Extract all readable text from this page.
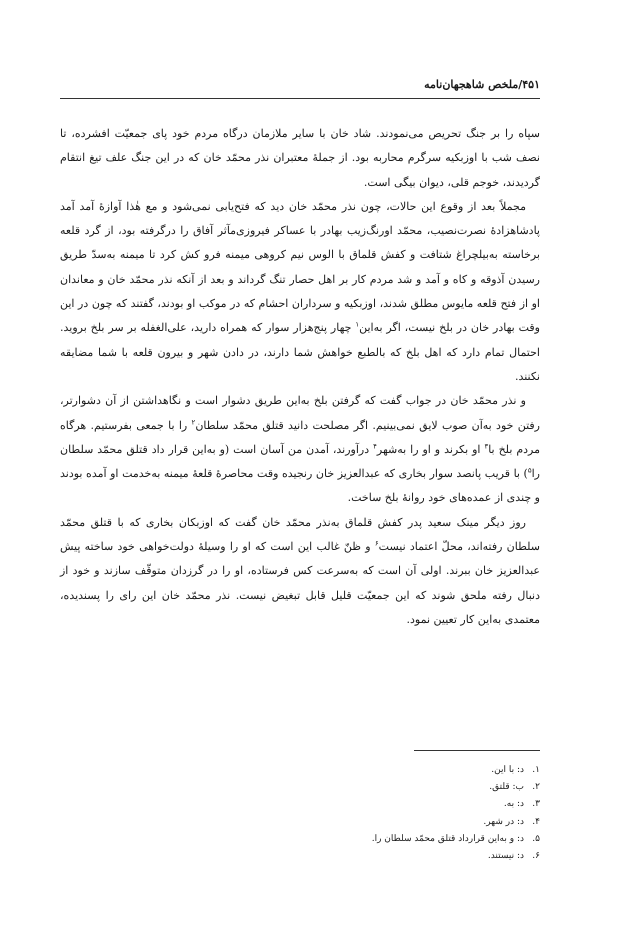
۴۵۱/ملخص شاهجهان‌نامه

سپاه را بر جنگ تحریص می‌نمودند. شاد خان با سایر ملازمان درگاه مردم خود پای جمعیّت افشرده، تا نصف شب با اوزبکیه سرگرم محاربه بود. از جملهٔ معتبران نذر محمّد خان که در این جنگ علف تیغ انتقام گردیدند، خوجم قلی، دیوان بیگی است.

مجملاً بعد از وقوع این حالات، چون نذر محمّد خان دید که فتح‌یابی نمی‌شود و مع هٰذا آوازهٔ آمد آمد پادشاهزادهٔ نصرت‌نصیب، محمّد اورنگ‌زیب بهادر با عساکر فیروزی‌مآثر آفاق را درگرفته بود، از گرد قلعه برخاسته به‌بیلچراغ شتافت و کفش قلماق با الوس نیم کروهی میمنه فرو کش کرد تا میمنه به‌سدّ طریق رسیدن آذوقه و کاه و آمد و شد مردم کار بر اهل حصار تنگ گرداند و بعد از آنکه نذر محمّد خان و معاندان او از فتح قلعه مایوس مطلق شدند، اوزبکیه و سرداران احشام که در موکب او بودند، گفتند که چون در این وقت بهادر خان در بلخ نیست، اگر به‌این$^۱$ چهار پنج‌هزار سوار که همراه دارید، علی‌الغفله بر سر بلخ بروید. احتمال تمام دارد که اهل بلخ که بالطبع خواهش شما دارند، در دادن شهر و بیرون قلعه با شما مضایقه نکنند.

و نذر محمّد خان در جواب گفت که گرفتن بلخ به‌این طریق دشوار است و نگاهداشتن از آن دشوارتر، رفتن خود به‌آن صوب لایق نمی‌بینیم. اگر مصلحت دانید قتلق محمّد سلطان$^۲$ را با جمعی بفرستیم. هرگاه مردم بلخ با$^۳$ او بکرند و او را به‌شهر$^۴$ درآورند، آمدن من آسان است (و به‌این قرار داد قتلق محمّد سلطان را$^۵$) با قریب پانصد سوار بخاری که عبدالعزیز خان رنجیده وقت محاصرهٔ قلعهٔ میمنه به‌خدمت او آمده بودند و چندی از عمده‌های خود روانهٔ بلخ ساخت.

روز دیگر مینک سعید پدر کفش قلماق به‌نذر محمّد خان گفت که اوزبکان بخاری که با قتلق محمّد سلطان رفته‌اند، محلّ اعتماد نیست$^۶$ و ظنّ غالب این است که او را وسیلهٔ دولت‌خواهی خود ساخته پیش عبدالعزیز خان ببرند. اولی آن است که به‌سرعت کس فرستاده، او را در گرزدان متوقّف سازند و خود از دنبال رفته ملحق شوند که این جمعیّت قلیل قابل تبغیض نیست. نذر محمّد خان این رای را پسندیده، معتمدی به‌این کار تعیین نمود.

۱.د: با این.
۲.ب: قلتق.
۳.د: به.
۴.د: در شهر.
۵.د: و به‌این قرارداد قتلق محمّد سلطان را.
۶.د: نیستند.
